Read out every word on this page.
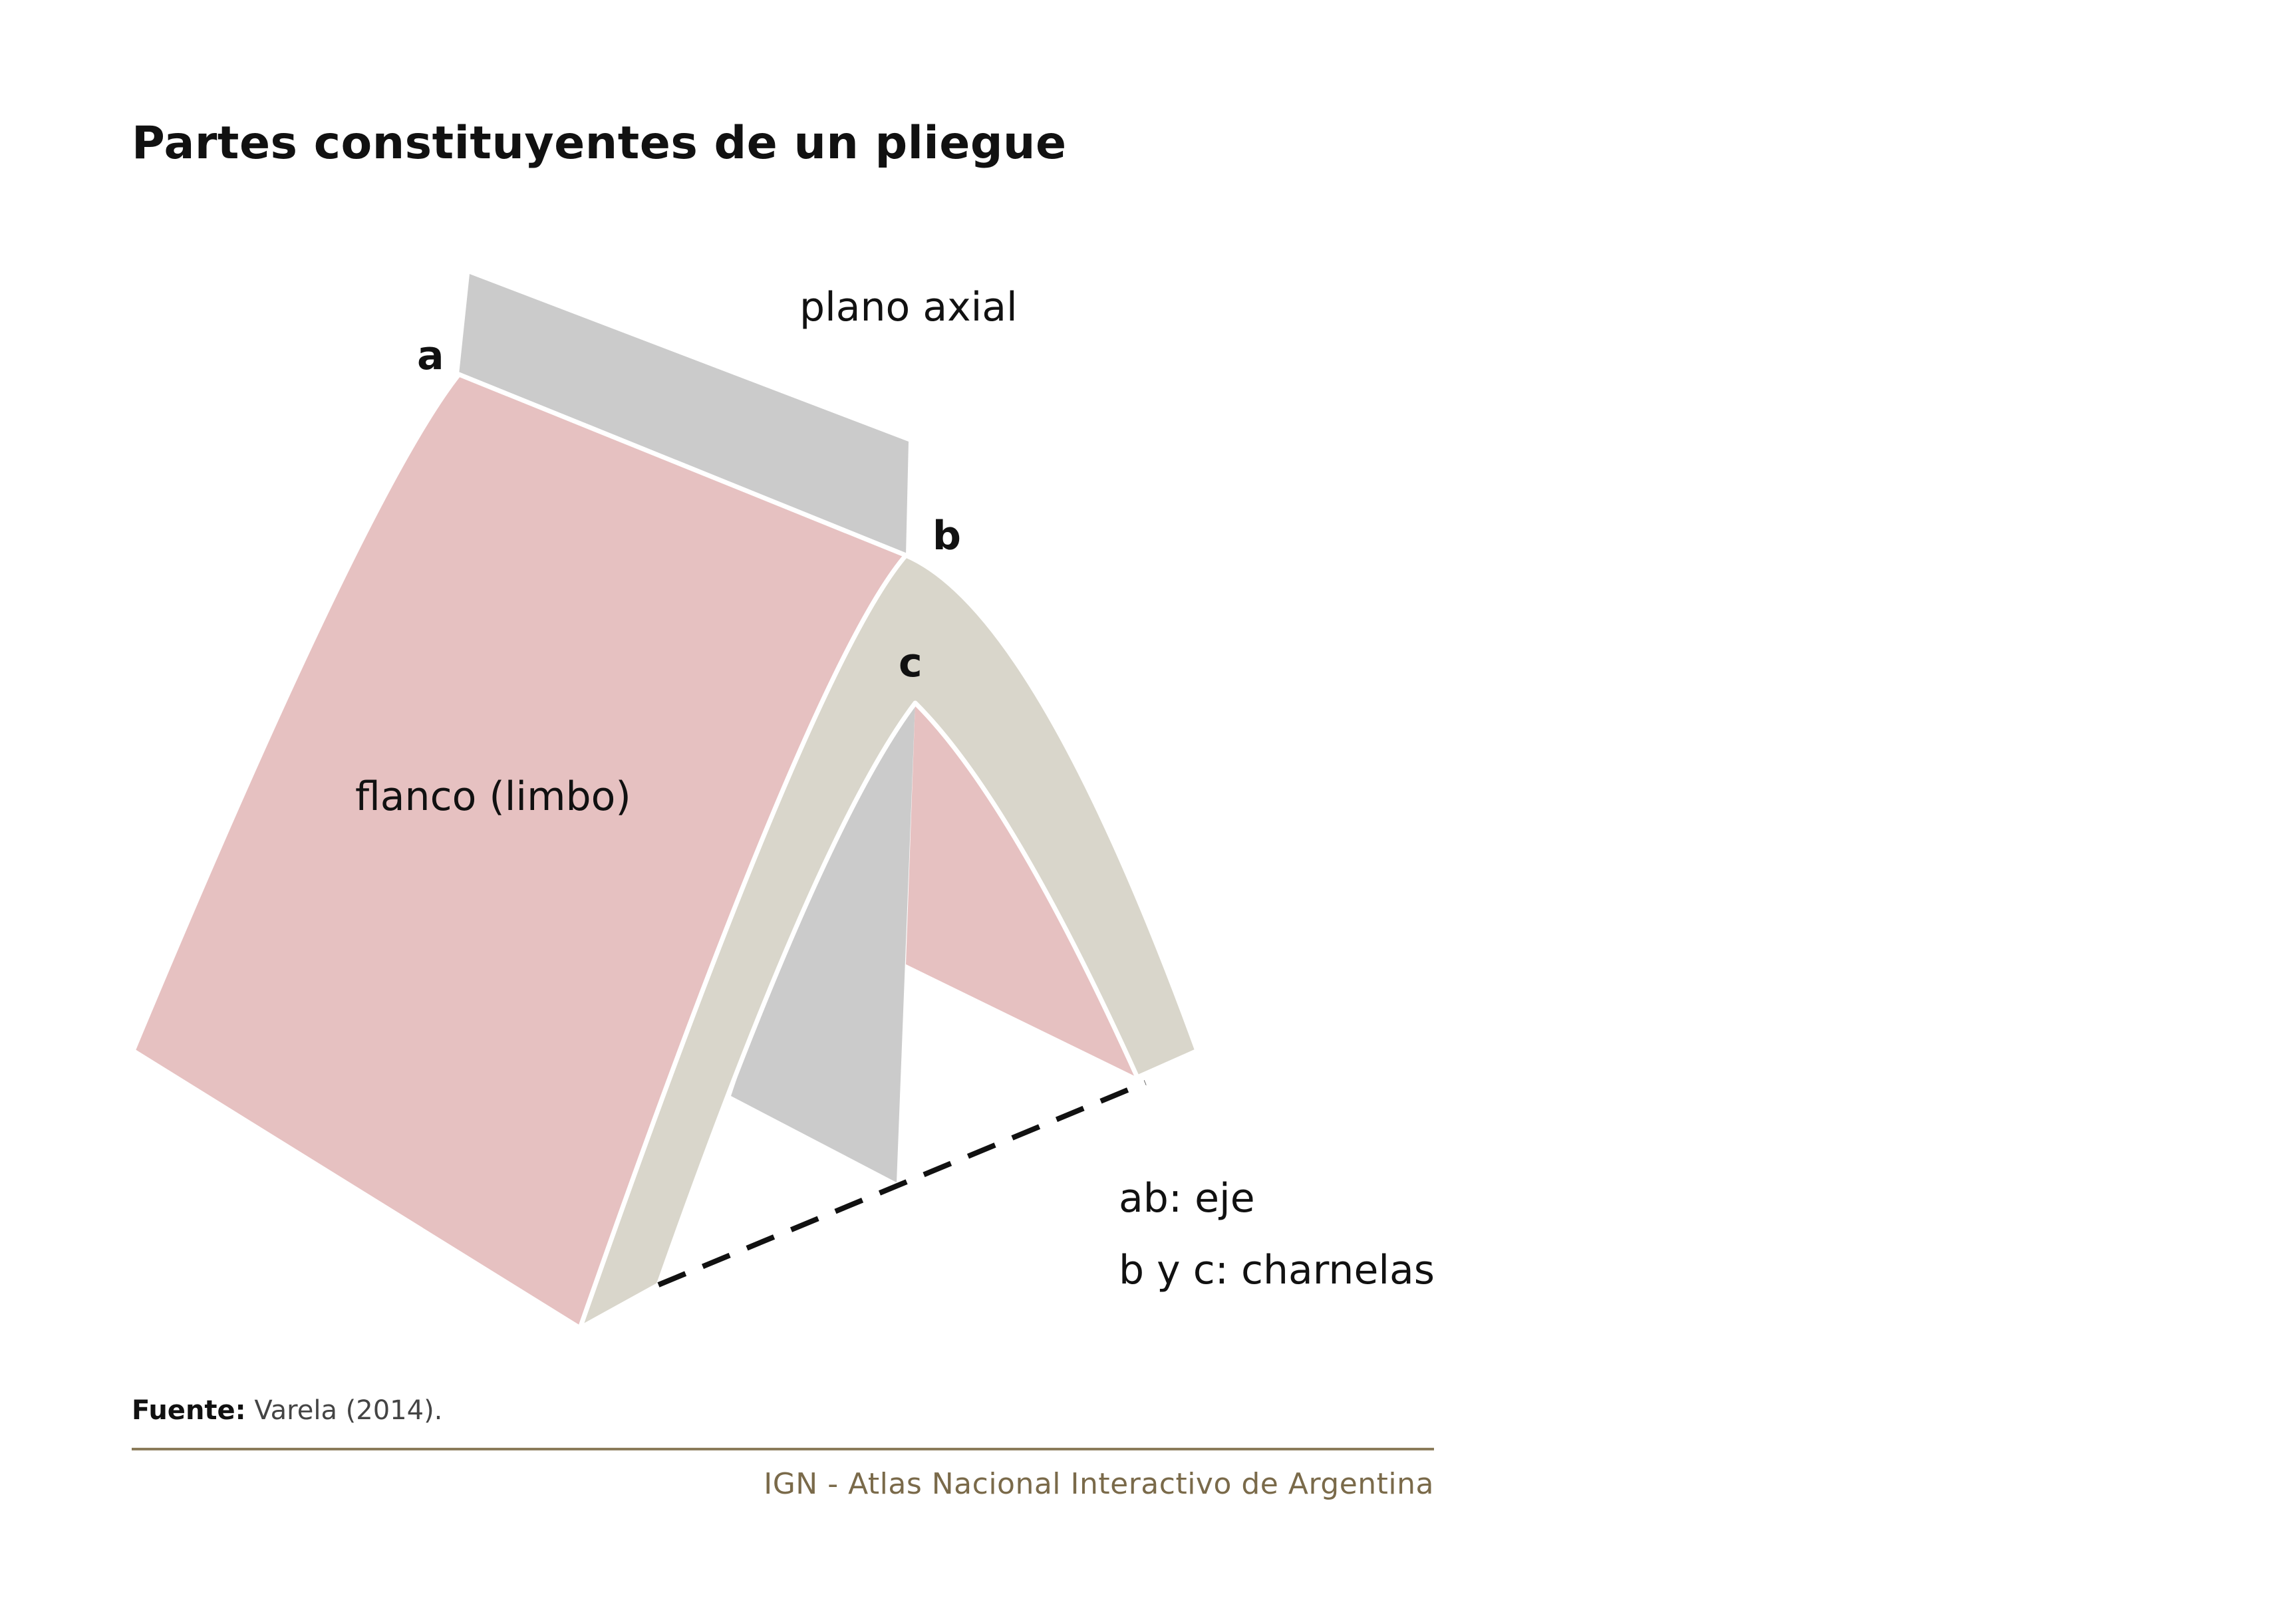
Partes constituyentes de un pliegue
a
b
c
plano axial
flanco (limbo)
ab: eje
b y c: charnelas
Fuente: Varela (2014).
IGN - Atlas Nacional Interactivo de Argentina
